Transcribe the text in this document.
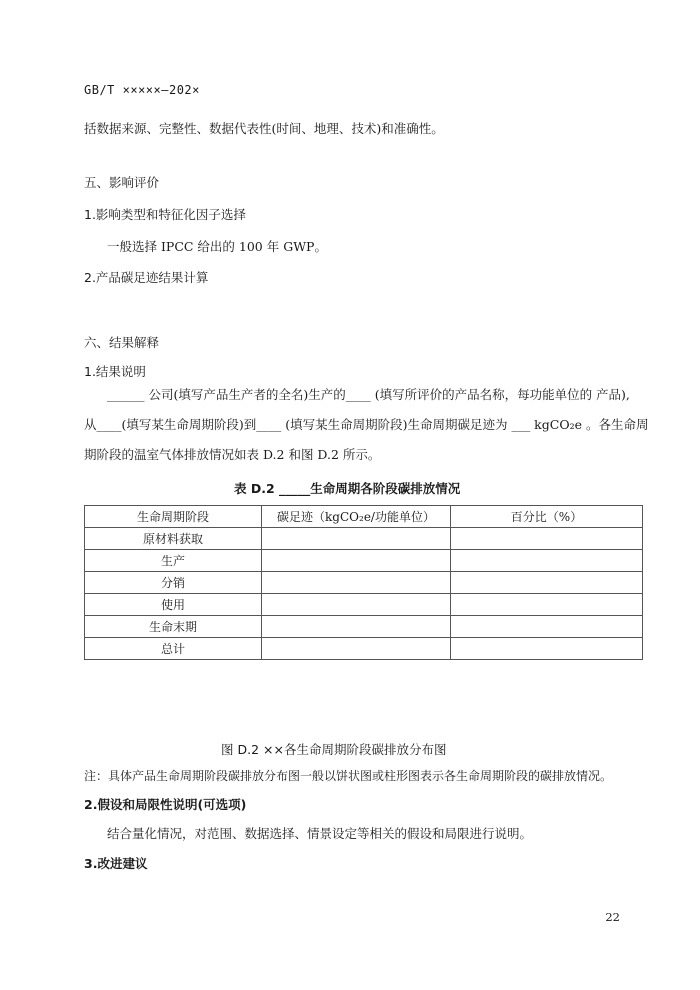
GB/T ×××××—202×
括数据来源、完整性、数据代表性(时间、地理、技术)和准确性。
五、影响评价
1.影响类型和特征化因子选择
一般选择 IPCC 给出的 100 年 GWP。
2.产品碳足迹结果计算
六、结果解释
1.结果说明
______ 公司(填写产品生产者的全名)生产的____ (填写所评价的产品名称，每功能单位的 产品),
从____(填写某生命周期阶段)到____ (填写某生命周期阶段)生命周期碳足迹为 ___ kgCO₂e 。各生命周
期阶段的温室气体排放情况如表 D.2 和图 D.2 所示。
表 D.2 _____生命周期各阶段碳排放情况
生命周期阶段	碳足迹（kgCO₂e/功能单位）	百分比（%）
原材料获取		
生产		
分销		
使用		
生命末期		
总计		
图 D.2 ××各生命周期阶段碳排放分布图
注：具体产品生命周期阶段碳排放分布图一般以饼状图或柱形图表示各生命周期阶段的碳排放情况。
2.假设和局限性说明(可选项)
结合量化情况，对范围、数据选择、情景设定等相关的假设和局限进行说明。
3.改进建议
22
